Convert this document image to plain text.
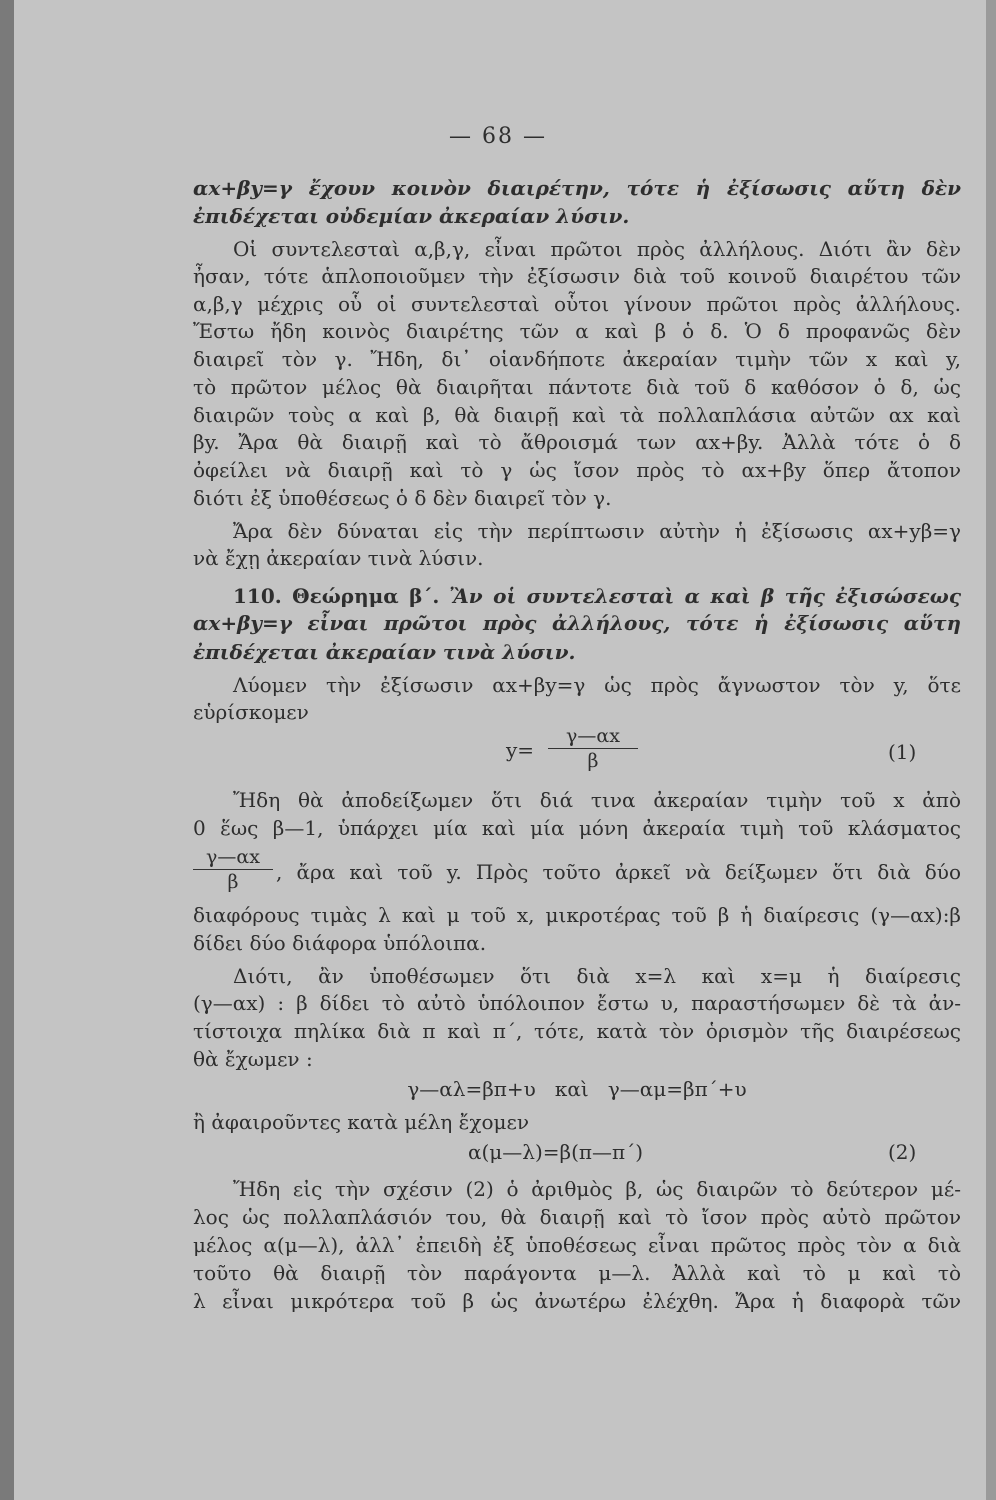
— 68 —
αx+βy=γ ἔχουν κοινὸν διαιρέτην, τότε ἡ ἐξίσωσις αὕτη δὲν
ἐπιδέχεται οὐδεμίαν ἀκεραίαν λύσιν.
Οἱ συντελεσταὶ α,β,γ, εἶναι πρῶτοι πρὸς ἀλλήλους. Διότι ἂν δὲν
ἦσαν, τότε ἁπλοποιοῦμεν τὴν ἐξίσωσιν διὰ τοῦ κοινοῦ διαιρέτου τῶν
α,β,γ μέχρις οὗ οἱ συντελεσταὶ οὗτοι γίνουν πρῶτοι πρὸς ἀλλήλους.
Ἔστω ἤδη κοινὸς διαιρέτης τῶν α καὶ β ὁ δ. Ὁ δ προφανῶς δὲν
διαιρεῖ τὸν γ. Ἤδη, δι᾽ οἱανδήποτε ἀκεραίαν τιμὴν τῶν x καὶ y,
τὸ πρῶτον μέλος θὰ διαιρῆται πάντοτε διὰ τοῦ δ καθόσον ὁ δ, ὡς
διαιρῶν τοὺς α καὶ β, θὰ διαιρῇ καὶ τὰ πολλαπλάσια αὐτῶν αx καὶ
βy. Ἄρα θὰ διαιρῇ καὶ τὸ ἄθροισμά των αx+βy. Ἀλλὰ τότε ὁ δ
ὀφείλει νὰ διαιρῇ καὶ τὸ γ ὡς ἴσον πρὸς τὸ αx+βy ὅπερ ἄτοπον
διότι ἐξ ὑποθέσεως ὁ δ δὲν διαιρεῖ τὸν γ.
Ἄρα δὲν δύναται εἰς τὴν περίπτωσιν αὐτὴν ἡ ἐξίσωσις αx+yβ=γ
νὰ ἔχῃ ἀκεραίαν τινὰ λύσιν.
110. Θεώρημα β΄. Ἂν οἱ συντελεσταὶ α καὶ β τῆς ἐξισώσεως
αx+βy=γ εἶναι πρῶτοι πρὸς ἀλλήλους, τότε ἡ ἐξίσωσις αὕτη
ἐπιδέχεται ἀκεραίαν τινὰ λύσιν.
Λύομεν τὴν ἐξίσωσιν αx+βy=γ ὡς πρὸς ἄγνωστον τὸν y, ὅτε
εὑρίσκομεν
$y= \frac{\gamma—\alpha x}{\beta}$	(1)
Ἤδη θὰ ἀποδείξωμεν ὅτι διά τινα ἀκεραίαν τιμὴν τοῦ x ἀπὸ
0 ἕως β—1, ὑπάρχει μία καὶ μία μόνη ἀκεραία τιμὴ τοῦ κλάσματος
$\frac{\gamma—\alpha x}{\beta}$ , ἄρα καὶ τοῦ y. Πρὸς τοῦτο ἀρκεῖ νὰ δείξωμεν ὅτι διὰ δύο
διαφόρους τιμὰς λ καὶ μ τοῦ x, μικροτέρας τοῦ β ἡ διαίρεσις (γ—αx):β
δίδει δύο διάφορα ὑπόλοιπα.
Διότι, ἂν ὑποθέσωμεν ὅτι διὰ x=λ καὶ x=μ ἡ διαίρεσις
(γ—αx) : β δίδει τὸ αὐτὸ ὑπόλοιπον ἔστω υ, παραστήσωμεν δὲ τὰ ἀν-
τίστοιχα πηλίκα διὰ π καὶ π΄, τότε, κατὰ τὸν ὁρισμὸν τῆς διαιρέσεως
θὰ ἔχωμεν :
γ—αλ=βπ+υ   καὶ   γ—αμ=βπ΄+υ
ἢ ἀφαιροῦντες κατὰ μέλη ἔχομεν
α(μ—λ)=β(π—π΄)	(2)
Ἤδη εἰς τὴν σχέσιν (2) ὁ ἀριθμὸς β, ὡς διαιρῶν τὸ δεύτερον μέ-
λος ὡς πολλαπλάσιόν του, θὰ διαιρῇ καὶ τὸ ἴσον πρὸς αὐτὸ πρῶτον
μέλος α(μ—λ), ἀλλ᾽ ἐπειδὴ ἐξ ὑποθέσεως εἶναι πρῶτος πρὸς τὸν α διὰ
τοῦτο θὰ διαιρῇ τὸν παράγοντα μ—λ. Ἀλλὰ καὶ τὸ μ καὶ τὸ
λ εἶναι μικρότερα τοῦ β ὡς ἀνωτέρω ἐλέχθη. Ἄρα ἡ διαφορὰ τῶν
